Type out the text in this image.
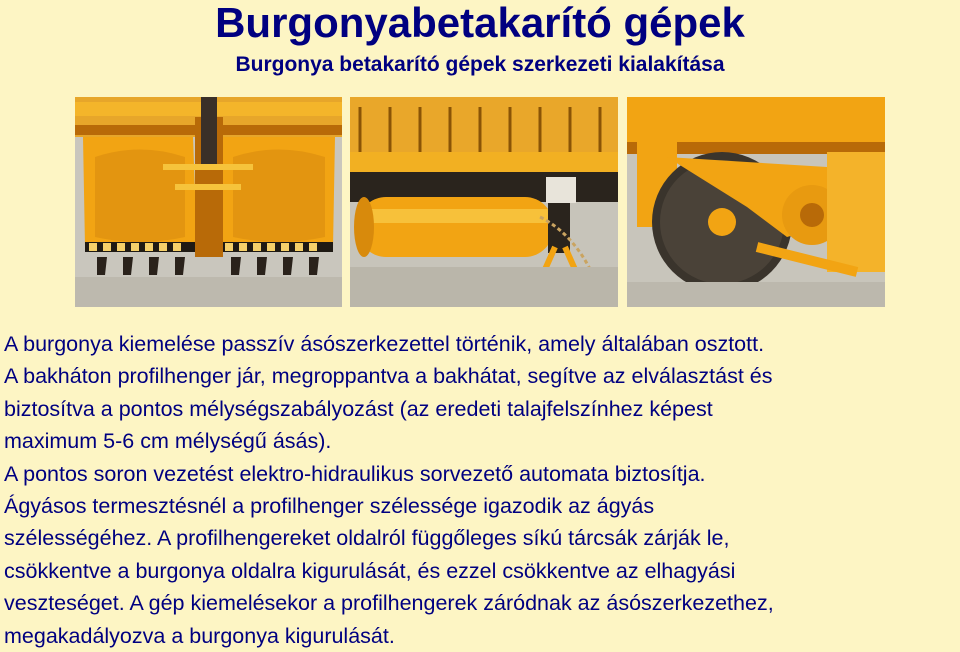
Burgonyabetakarító gépek
Burgonya betakarító gépek szerkezeti kialakítása

A burgonya kiemelése passzív ásószerkezettel történik, amely általában osztott.

A bakháton profilhenger jár, megroppantva a bakhátat, segítve az elválasztást és

biztosítva a pontos mélységszabályozást (az eredeti talajfelszínhez képest

maximum 5-6 cm mélységű ásás).

A pontos soron vezetést elektro-hidraulikus sorvezető automata biztosítja.

Ágyásos termesztésnél a profilhenger szélessége igazodik az ágyás

szélességéhez. A profilhengereket oldalról függőleges síkú tárcsák zárják le,

csökkentve a burgonya oldalra kigurulását, és ezzel csökkentve az elhagyási

veszteséget. A gép kiemelésekor a profilhengerek záródnak az ásószerkezethez,

megakadályozva a burgonya kigurulását.
